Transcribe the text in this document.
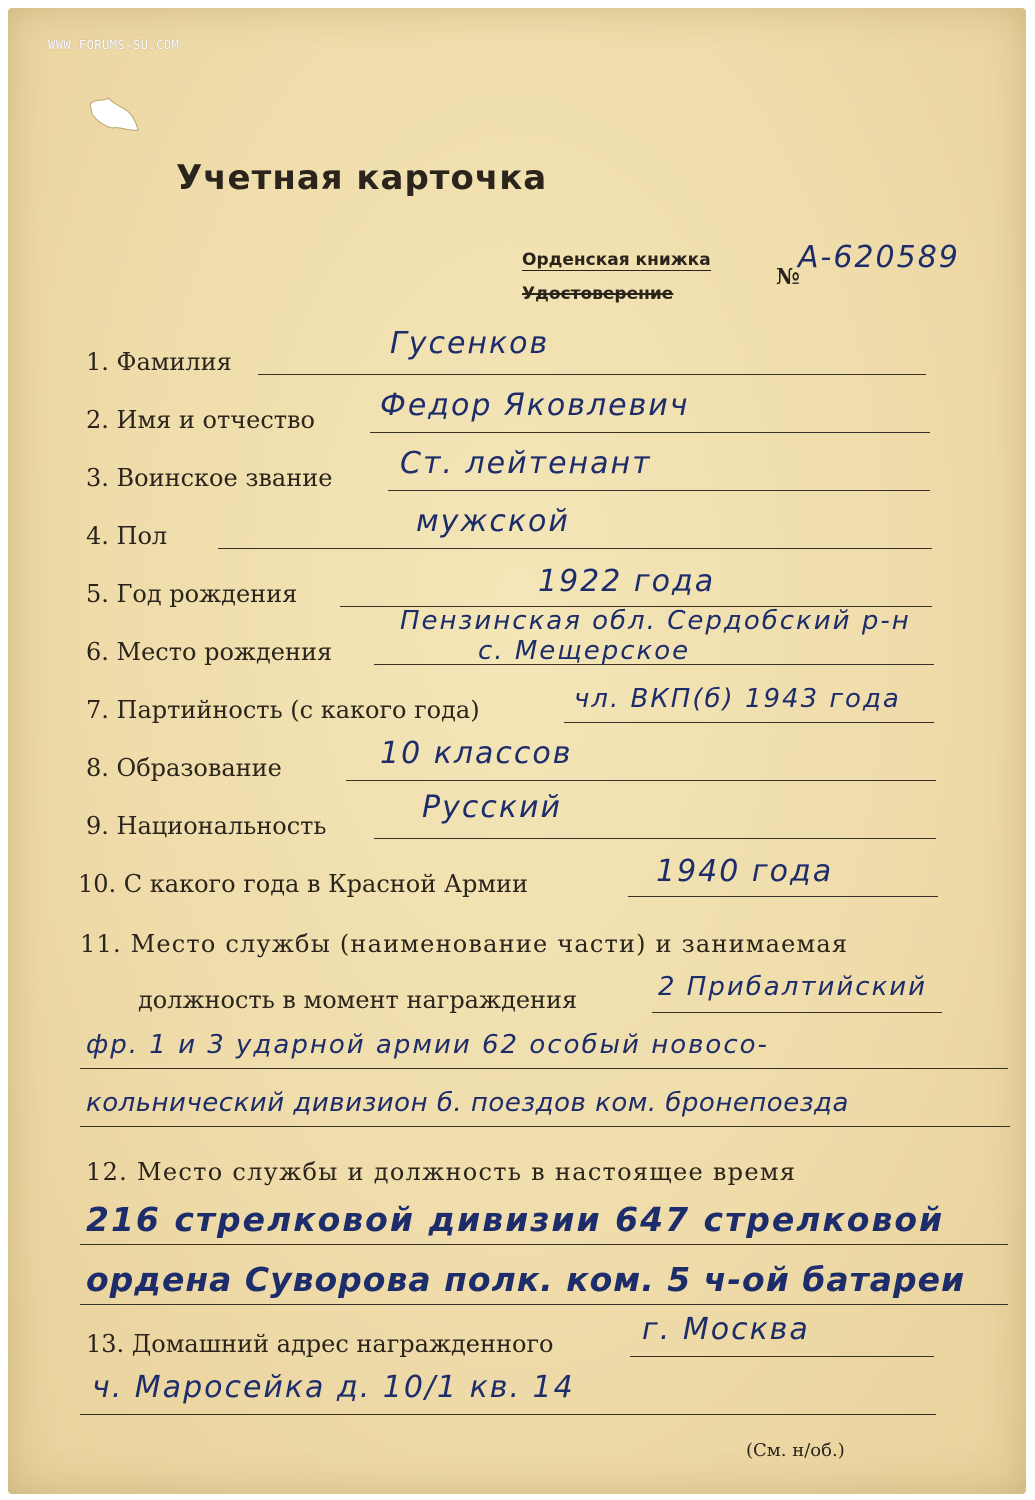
WWW.FORUMS-SU.COM
Учетная карточка
Орденская книжка
Удостоверение
№
А-620589
1. Фамилия
Гусенков
2. Имя и отчество Федор Яковлевич
3. Воинское звание Ст. лейтенант
4. Пол	мужской
5. Год рождения	1922 года
6. Место рождения
Пензинская обл. Сердобский р-н
с. Мещерское
7. Партийность (с какого года)	чл. ВКП(б) 1943 года
8. Образование	10 классов
9. Национальность
Русский
10. С какого года в Красной Армии	1940 года
11. Место службы (наименование части) и занимаемая
должность в момент награждения	2 Прибалтийский
фр. 1 и 3 ударной армии 62 особый новосо-
кольнический дивизион б. поездов ком. бронепоезда
12. Место службы и должность в настоящее время
216 стрелковой дивизии 647 стрелковой
ордена Суворова полк. ком. 5 ч-ой батареи
13. Домашний адрес награжденного	г. Москва
ч. Маросейка д. 10/1 кв. 14
(См. н/об.)
